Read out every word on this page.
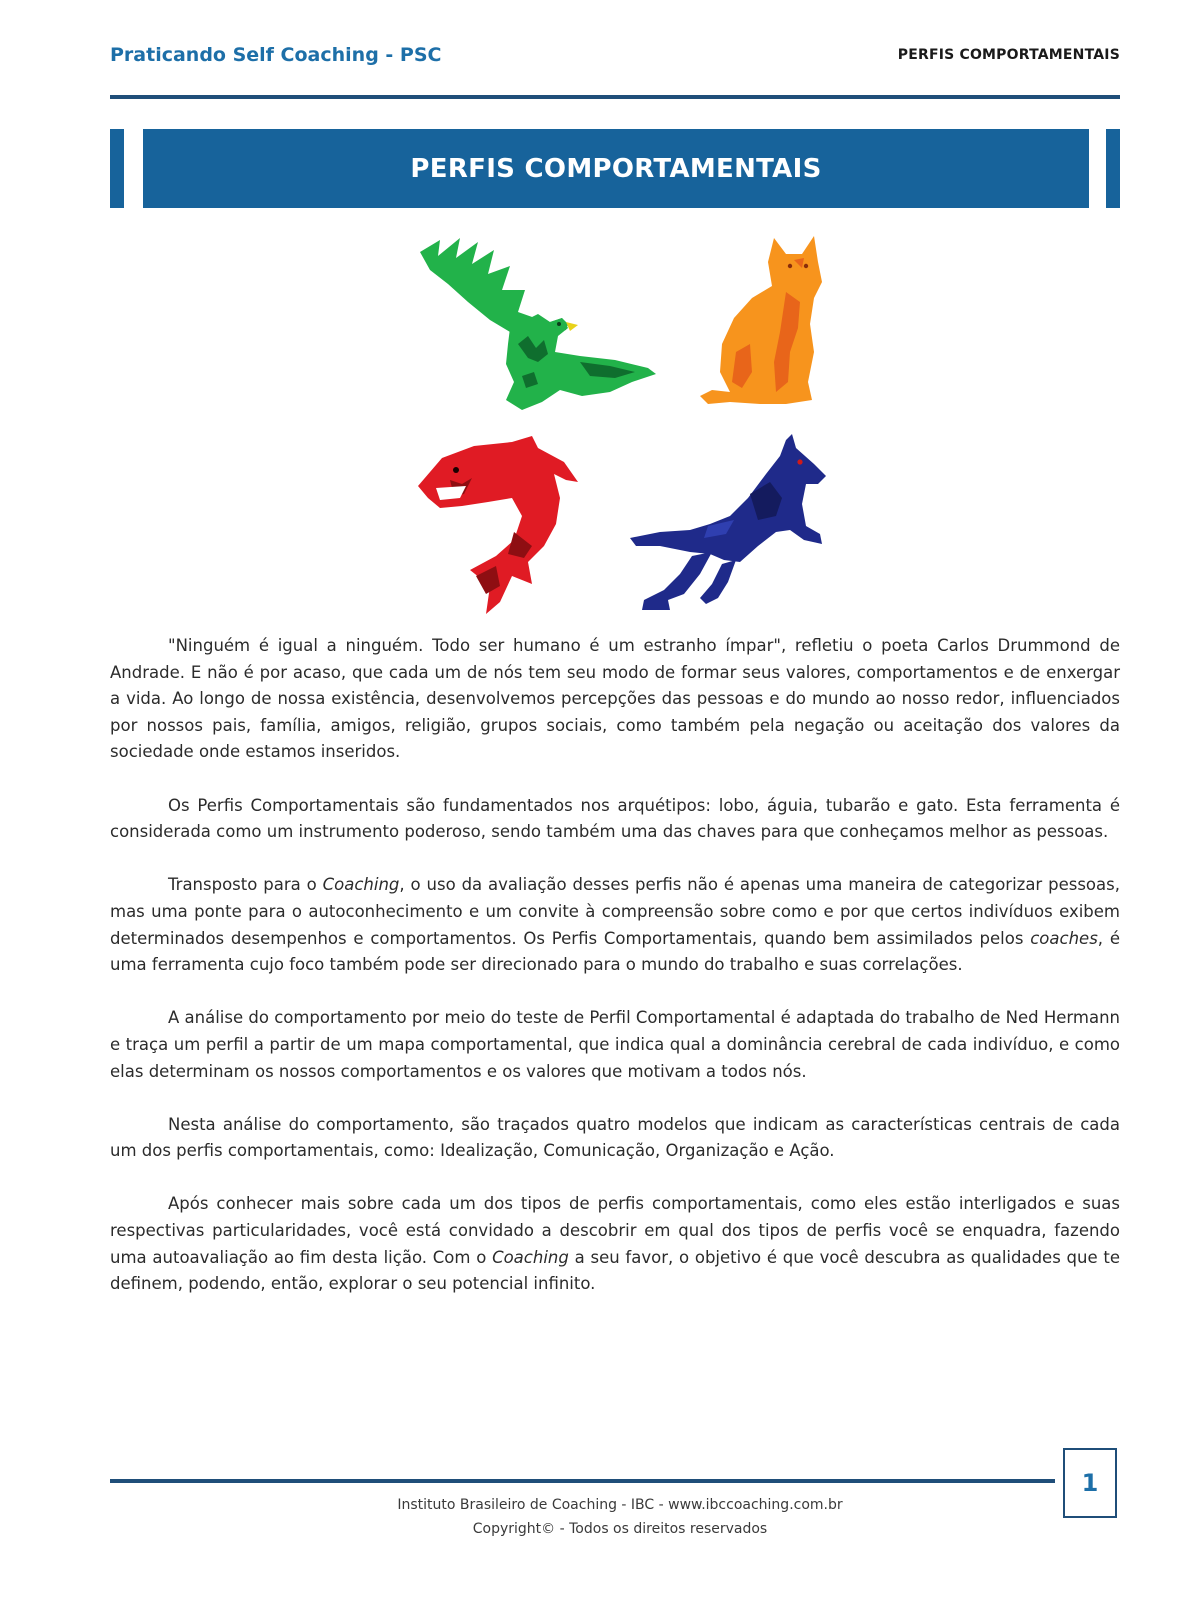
Praticando Self Coaching - PSC	PERFIS COMPORTAMENTAIS
PERFIS COMPORTAMENTAIS

"Ninguém é igual a ninguém. Todo ser humano é um estranho ímpar", refletiu o poeta Carlos Drummond de Andrade. E não é por acaso, que cada um de nós tem seu modo de formar seus valores, comportamentos e de enxergar a vida. Ao longo de nossa existência, desenvolvemos percepções das pessoas e do mundo ao nosso redor, influenciados por nossos pais, família, amigos, religião, grupos sociais, como também pela negação ou aceitação dos valores da sociedade onde estamos inseridos.

Os Perfis Comportamentais são fundamentados nos arquétipos: lobo, águia, tubarão e gato. Esta ferramenta é considerada como um instrumento poderoso, sendo também uma das chaves para que conheçamos melhor as pessoas.

Transposto para o Coaching, o uso da avaliação desses perfis não é apenas uma maneira de categorizar pessoas, mas uma ponte para o autoconhecimento e um convite à compreensão sobre como e por que certos indivíduos exibem determinados desempenhos e comportamentos. Os Perfis Comportamentais, quando bem assimilados pelos coaches, é uma ferramenta cujo foco também pode ser direcionado para o mundo do trabalho e suas correlações.

A análise do comportamento por meio do teste de Perfil Comportamental é adaptada do trabalho de Ned Hermann e traça um perfil a partir de um mapa comportamental, que indica qual a dominância cerebral de cada indivíduo, e como elas determinam os nossos comportamentos e os valores que motivam a todos nós.

Nesta análise do comportamento, são traçados quatro modelos que indicam as características centrais de cada um dos perfis comportamentais, como: Idealização, Comunicação, Organização e Ação.

Após conhecer mais sobre cada um dos tipos de perfis comportamentais, como eles estão interligados e suas respectivas particularidades, você está convidado a descobrir em qual dos tipos de perfis você se enquadra, fazendo uma autoavaliação ao fim desta lição. Com o Coaching a seu favor, o objetivo é que você descubra as qualidades que te definem, podendo, então, explorar o seu potencial infinito.

1
Instituto Brasileiro de Coaching - IBC - www.ibccoaching.com.br
Copyright© - Todos os direitos reservados
